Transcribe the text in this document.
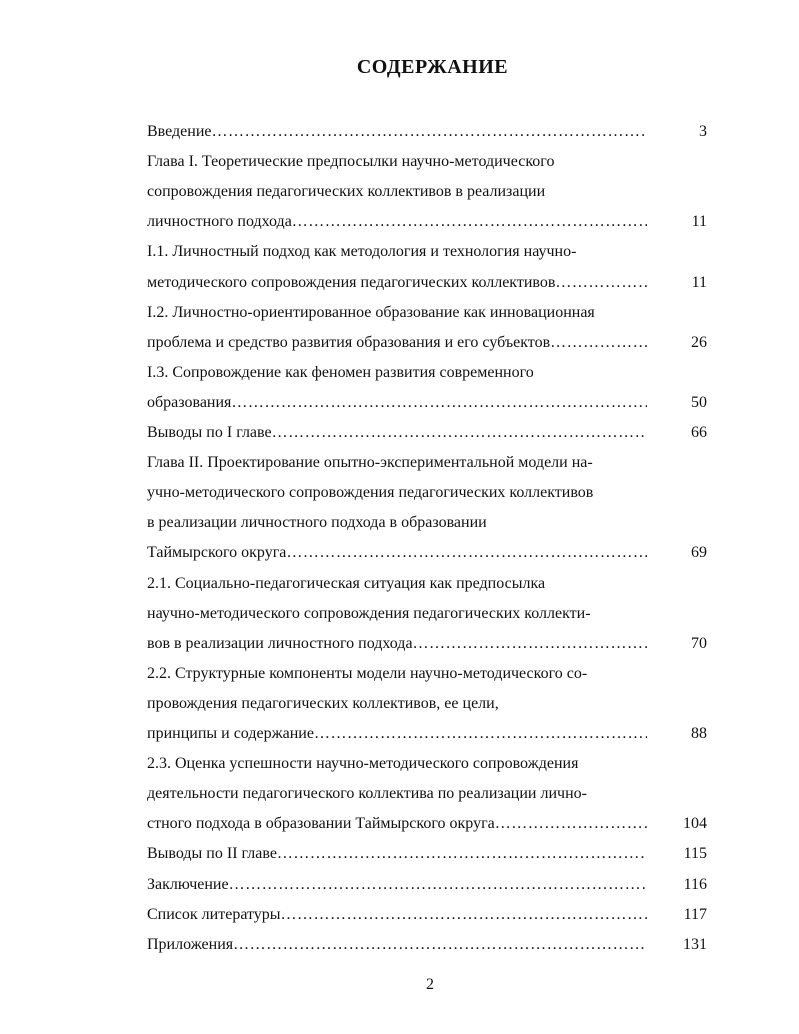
СОДЕРЖАНИЕ
Введение ………………………………………………………………………………………………………………………………	3
Глава I. Теоретические предпосылки научно-методического
сопровождения педагогических коллективов в реализации
личностного подхода ………………………………………………………………………………………………………………………………	11
I.1. Личностный подход как методология и технология научно-
методического сопровождения педагогических коллективов ………………………………………………………………………………………………………………………………	11
I.2. Личностно-ориентированное образование как инновационная
проблема и средство развития образования и его субъектов ………………………………………………………………………………………………………………………………	26
I.3. Сопровождение как феномен развития современного
образования ………………………………………………………………………………………………………………………………	50
Выводы по I главе ………………………………………………………………………………………………………………………………	66
Глава II. Проектирование опытно-экспериментальной модели на-
учно-методического сопровождения педагогических коллективов
в реализации личностного подхода в образовании
Таймырского округа ………………………………………………………………………………………………………………………………	69
2.1. Социально-педагогическая ситуация как предпосылка
научно-методического сопровождения педагогических коллекти-
вов в реализации личностного подхода ………………………………………………………………………………………………………………………………	70
2.2. Структурные компоненты модели научно-методического со-
провождения педагогических коллективов, ее цели,
принципы и содержание ………………………………………………………………………………………………………………………………	88
2.3. Оценка успешности научно-методического сопровождения
деятельности педагогического коллектива по реализации лично-
стного подхода в образовании Таймырского округа ………………………………………………………………………………………………………………………………	104
Выводы по II главе ………………………………………………………………………………………………………………………………	115
Заключение ………………………………………………………………………………………………………………………………	116
Список литературы ………………………………………………………………………………………………………………………………	117
Приложения ………………………………………………………………………………………………………………………………	131
2
